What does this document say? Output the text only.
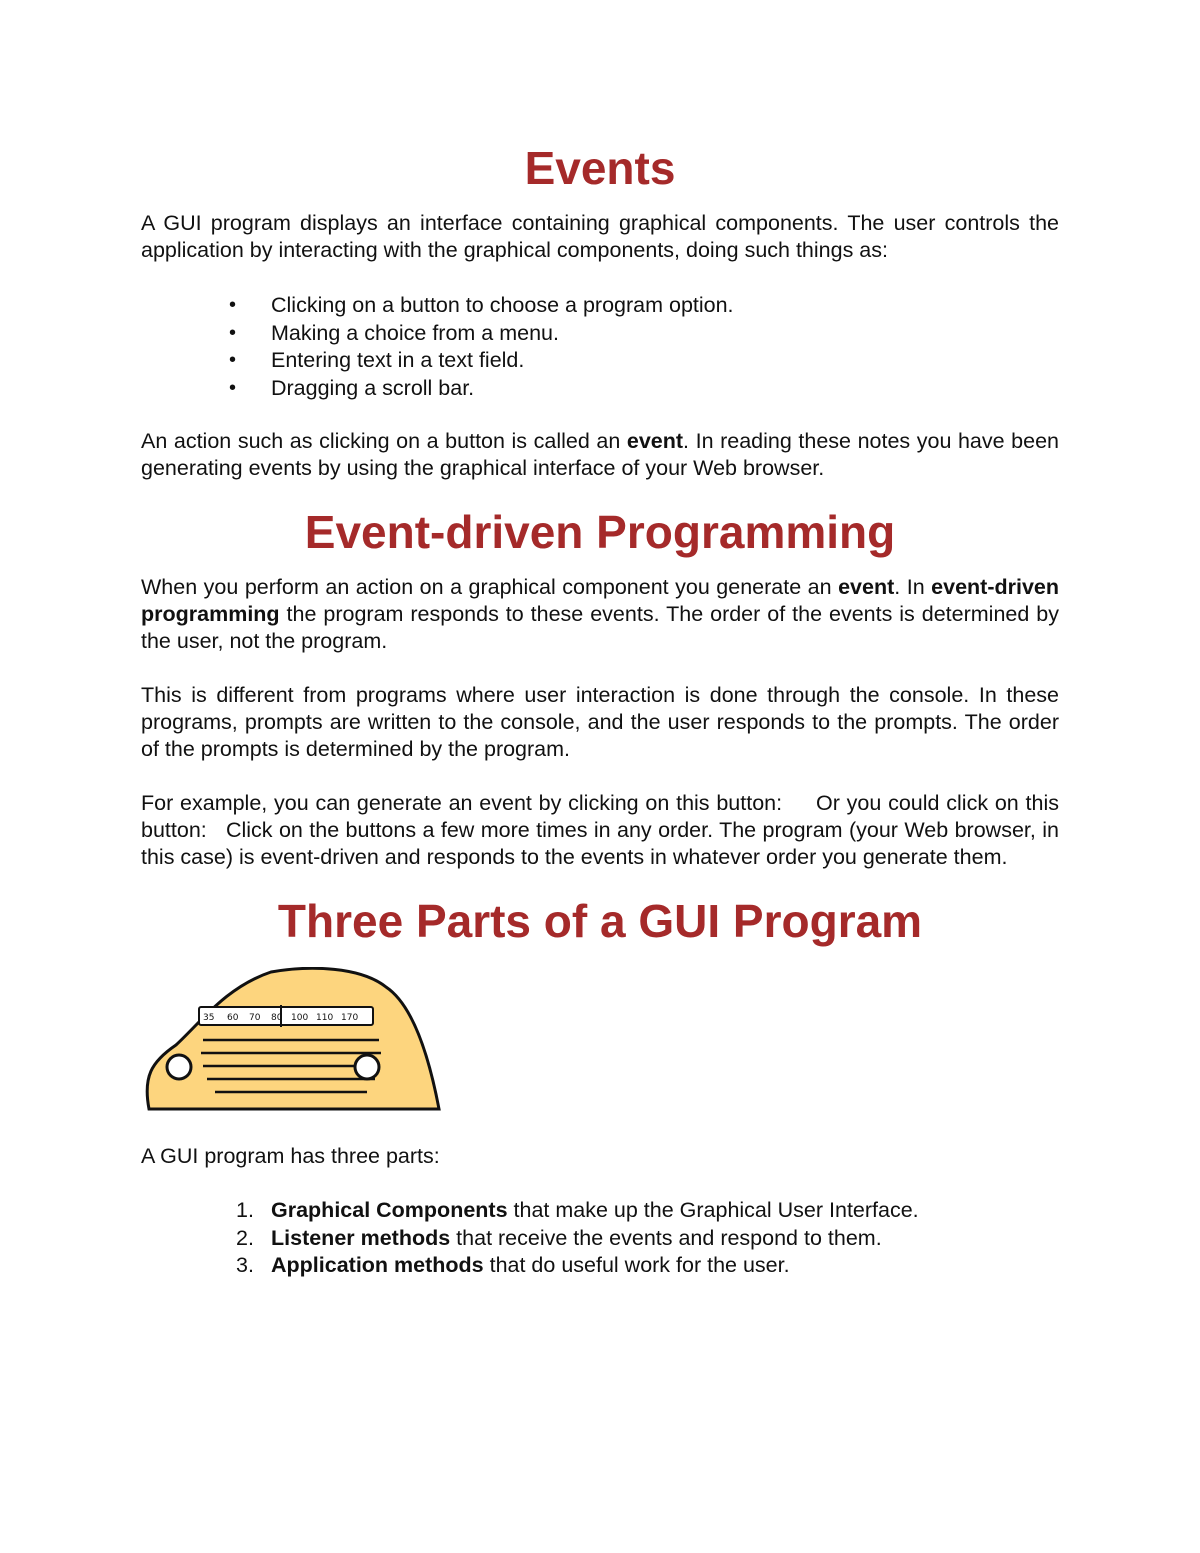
Events

A GUI program displays an interface containing graphical components. The user controls the application by interacting with the graphical components, doing such things as:

• Clicking on a button to choose a program option.
• Making a choice from a menu.
• Entering text in a text field.
• Dragging a scroll bar.

An action such as clicking on a button is called an event. In reading these notes you have been generating events by using the graphical interface of your Web browser.

Event-driven Programming

When you perform an action on a graphical component you generate an event. In event-driven programming the program responds to these events. The order of the events is determined by the user, not the program.

This is different from programs where user interaction is done through the console. In these programs, prompts are written to the console, and the user responds to the prompts. The order of the prompts is determined by the program.

For example, you can generate an event by clicking on this button:     Or you could click on this button:   Click on the buttons a few more times in any order. The program (your Web browser, in this case) is event-driven and responds to the events in whatever order you generate them.

Three Parts of a GUI Program
35 60 70 80 100 110 170

A GUI program has three parts:

1. Graphical Components that make up the Graphical User Interface.
2. Listener methods that receive the events and respond to them.
3. Application methods that do useful work for the user.
